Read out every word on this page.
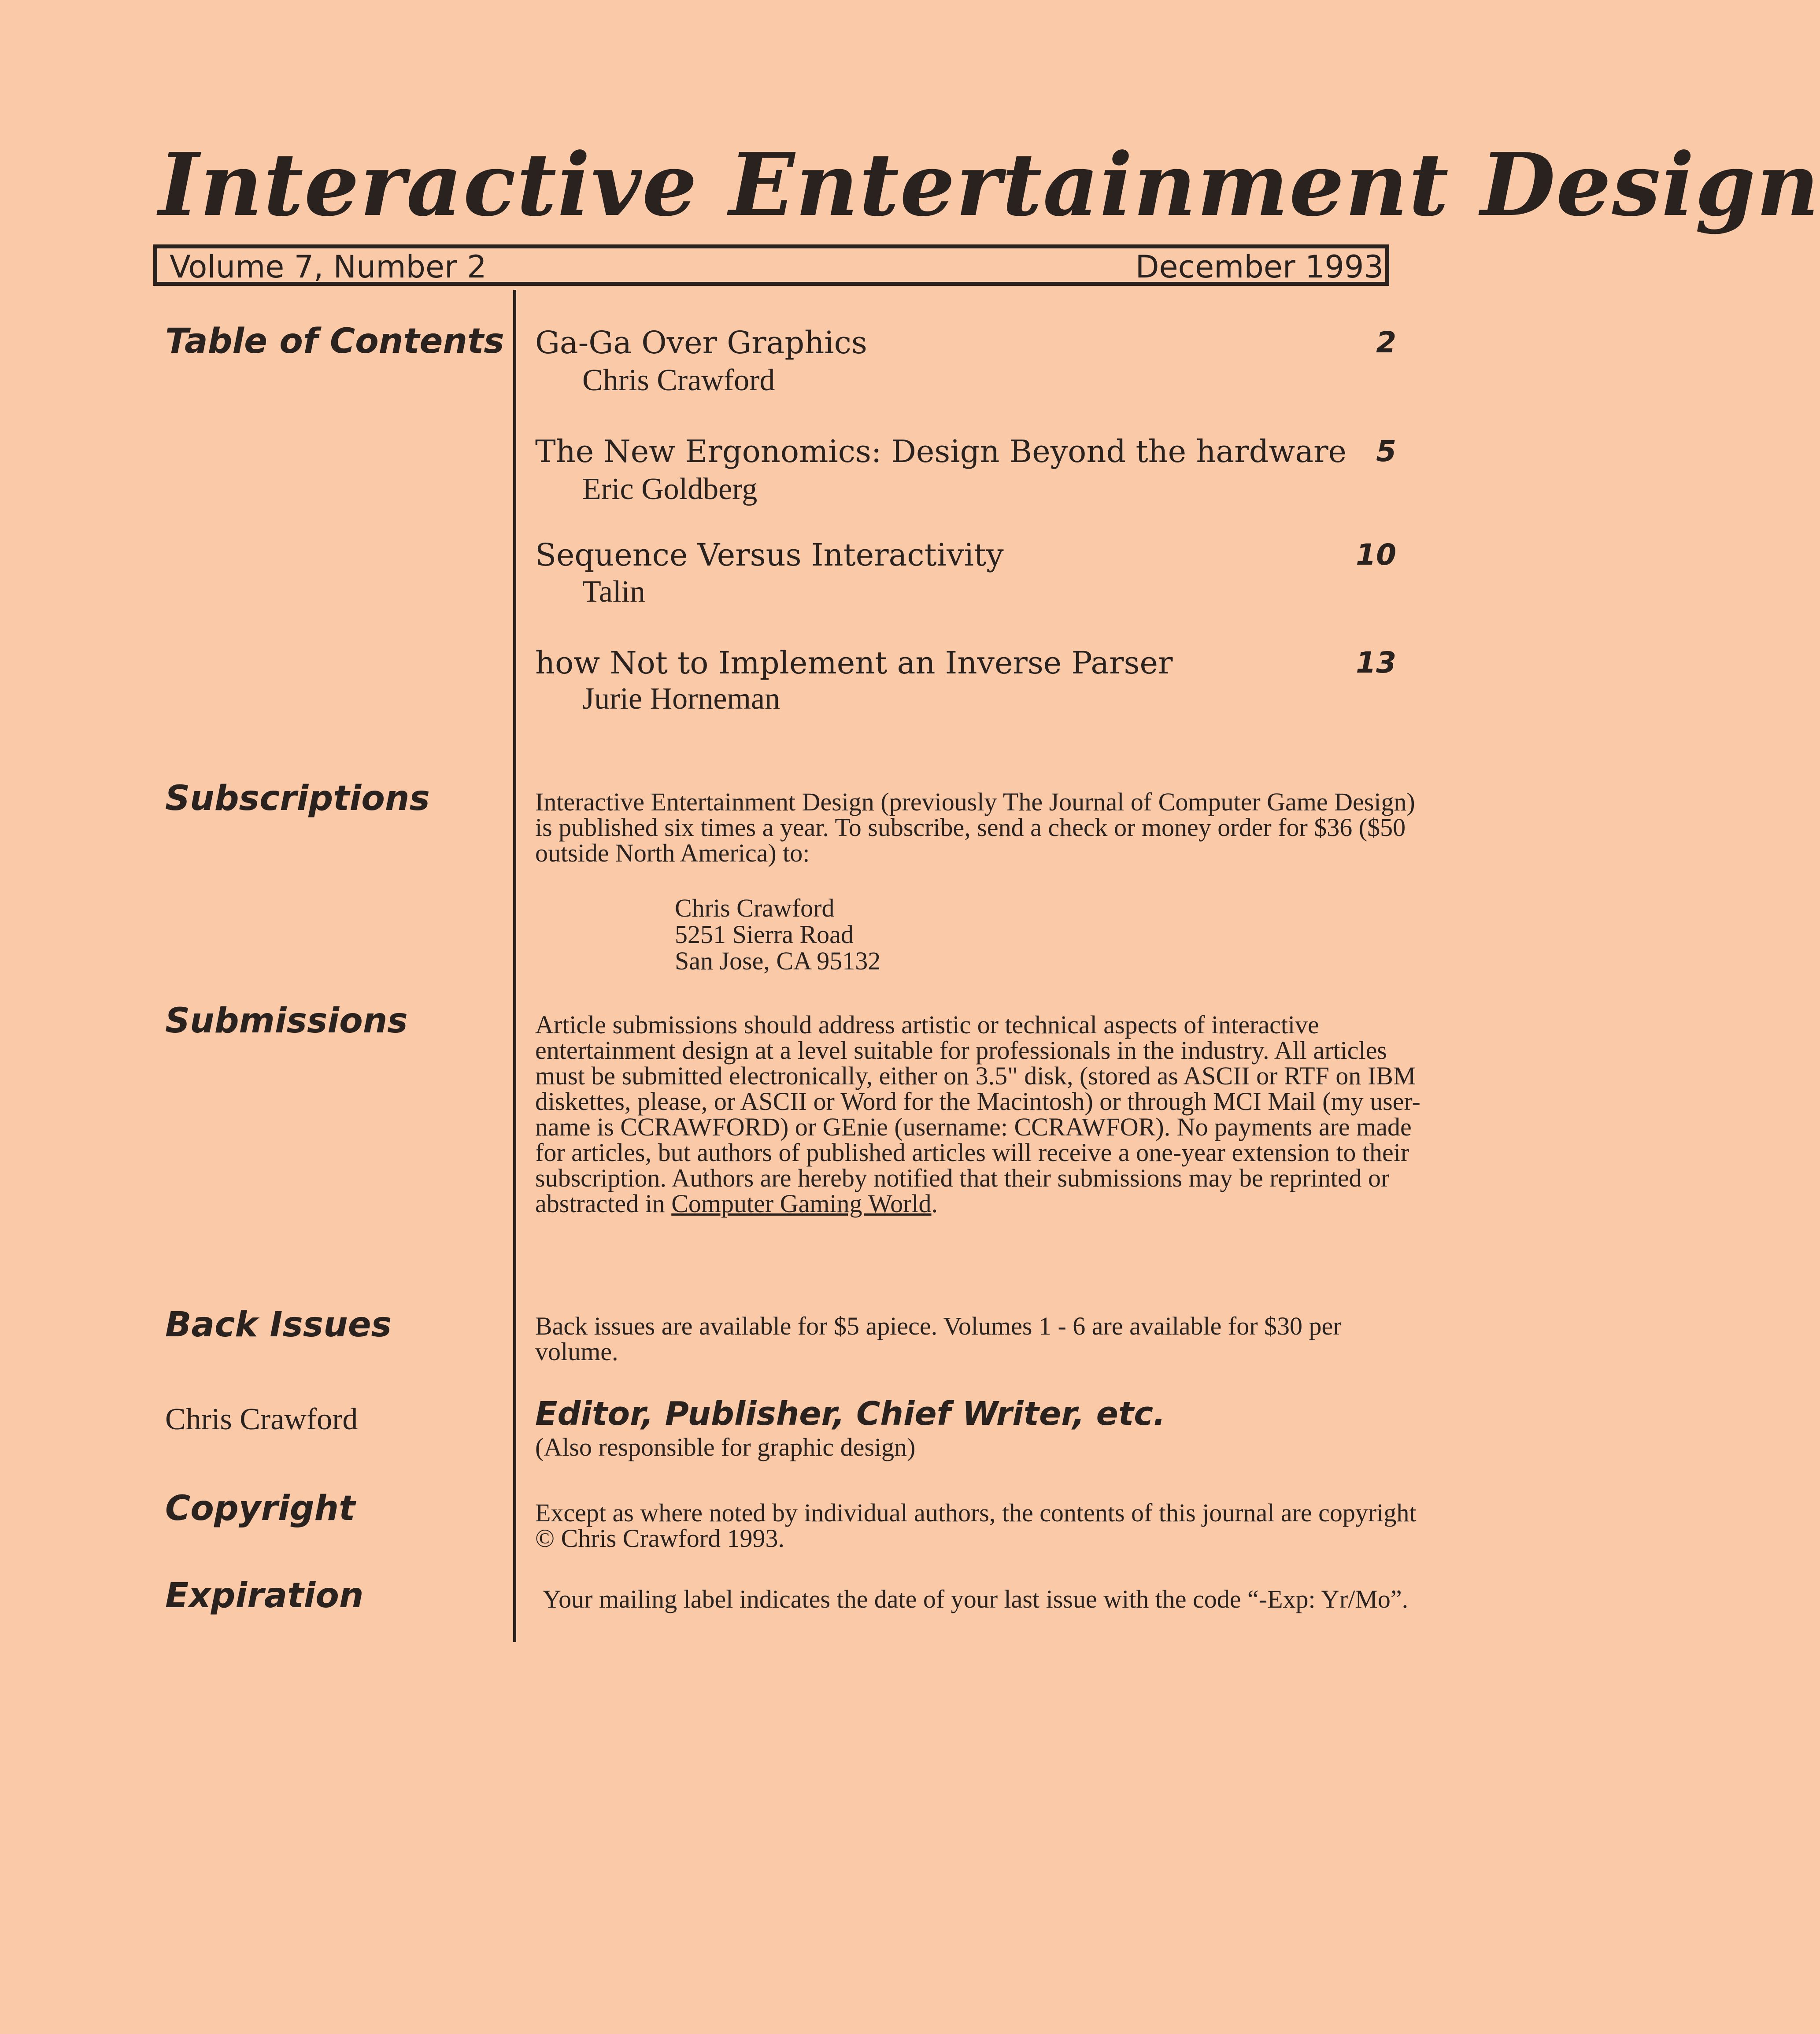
Interactive Entertainment Design
Volume 7, Number 2	December 1993
Table of Contents
Subscriptions
Submissions
Back Issues
Chris Crawford
Copyright
Expiration
Ga-Ga Over Graphics
Chris Crawford
2
The New Ergonomics: Design Beyond the hardware
Eric Goldberg
5
Sequence Versus Interactivity
Talin
10
how Not to Implement an Inverse Parser
Jurie Horneman
13

Interactive Entertainment Design (previously The Journal of Computer Game Design) is published six times a year. To subscribe, send a check or money order for $36 ($50 outside North America) to:

Chris Crawford
5251 Sierra Road
San Jose, CA 95132

Article submissions should address artistic or technical aspects of interactive entertainment design at a level suitable for professionals in the industry. All articles must be submitted electronically, either on 3.5" disk, (stored as ASCII or RTF on IBM diskettes, please, or ASCII or Word for the Macintosh) or through MCI Mail (my user-name is CCRAWFORD) or GEnie (username: CCRAWFOR). No payments are made for articles, but authors of published articles will receive a one-year extension to their subscription. Authors are hereby notified that their submissions may be reprinted or abstracted in Computer Gaming World.

Back issues are available for $5 apiece. Volumes 1 - 6 are available for $30 per volume.

Editor, Publisher, Chief Writer, etc.
(Also responsible for graphic design)

Except as where noted by individual authors, the contents of this journal are copyright © Chris Crawford 1993.

Your mailing label indicates the date of your last issue with the code “-Exp: Yr/Mo”.
